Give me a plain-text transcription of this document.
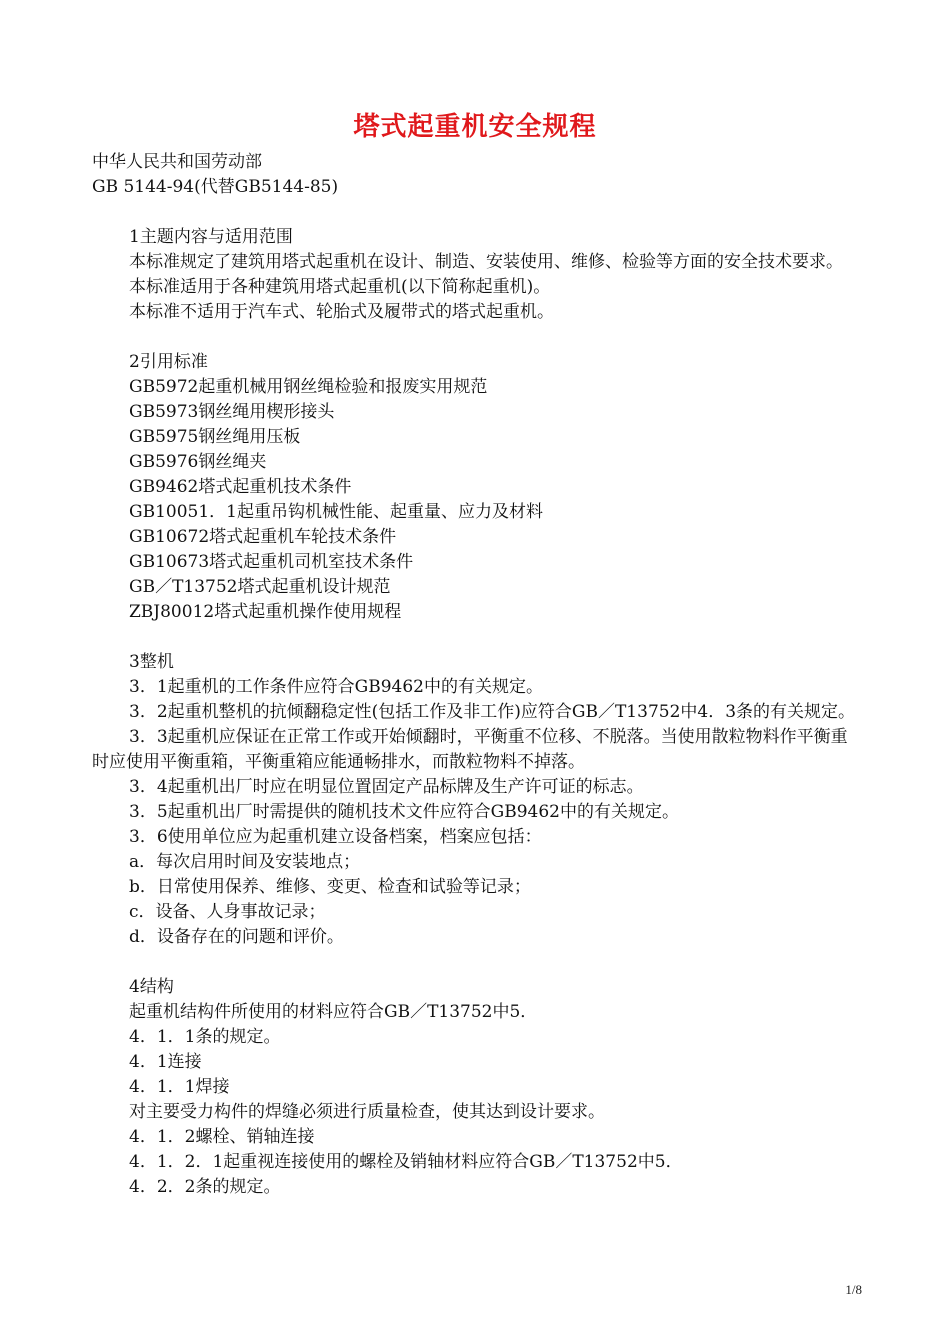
塔式起重机安全规程
中华人民共和国劳动部
GB 5144-94(代替GB5144-85)
1主题内容与适用范围
本标准规定了建筑用塔式起重机在设计、制造、安装使用、维修、检验等方面的安全技术要求。
本标准适用于各种建筑用塔式起重机(以下简称起重机)。
本标准不适用于汽车式、轮胎式及履带式的塔式起重机。
2引用标准
GB5972起重机械用钢丝绳检验和报废实用规范
GB5973钢丝绳用楔形接头
GB5975钢丝绳用压板
GB5976钢丝绳夹
GB9462塔式起重机技术条件
GB10051．1起重吊钩机械性能、起重量、应力及材料
GB10672塔式起重机车轮技术条件
GB10673塔式起重机司机室技术条件
GB／T13752塔式起重机设计规范
ZBJ80012塔式起重机操作使用规程
3整机
3．1起重机的工作条件应符合GB9462中的有关规定。
3．2起重机整机的抗倾翻稳定性(包括工作及非工作)应符合GB／T13752中4．3条的有关规定。
3．3起重机应保证在正常工作或开始倾翻时，平衡重不位移、不脱落。当使用散粒物料作平衡重时应使用平衡重箱，平衡重箱应能通畅排水，而散粒物料不掉落。
3．4起重机出厂时应在明显位置固定产品标牌及生产许可证的标志。
3．5起重机出厂时需提供的随机技术文件应符合GB9462中的有关规定。
3．6使用单位应为起重机建立设备档案，档案应包括：
a．每次启用时间及安装地点；
b．日常使用保养、维修、变更、检查和试验等记录；
c．设备、人身事故记录；
d．设备存在的问题和评价。
4结构
起重机结构件所使用的材料应符合GB／T13752中5．
4．1．1条的规定。
4．1连接
4．1．1焊接
对主要受力构件的焊缝必须进行质量检查，使其达到设计要求。
4．1．2螺栓、销轴连接
4．1．2．1起重视连接使用的螺栓及销轴材料应符合GB／T13752中5．
4．2．2条的规定。
1/8
